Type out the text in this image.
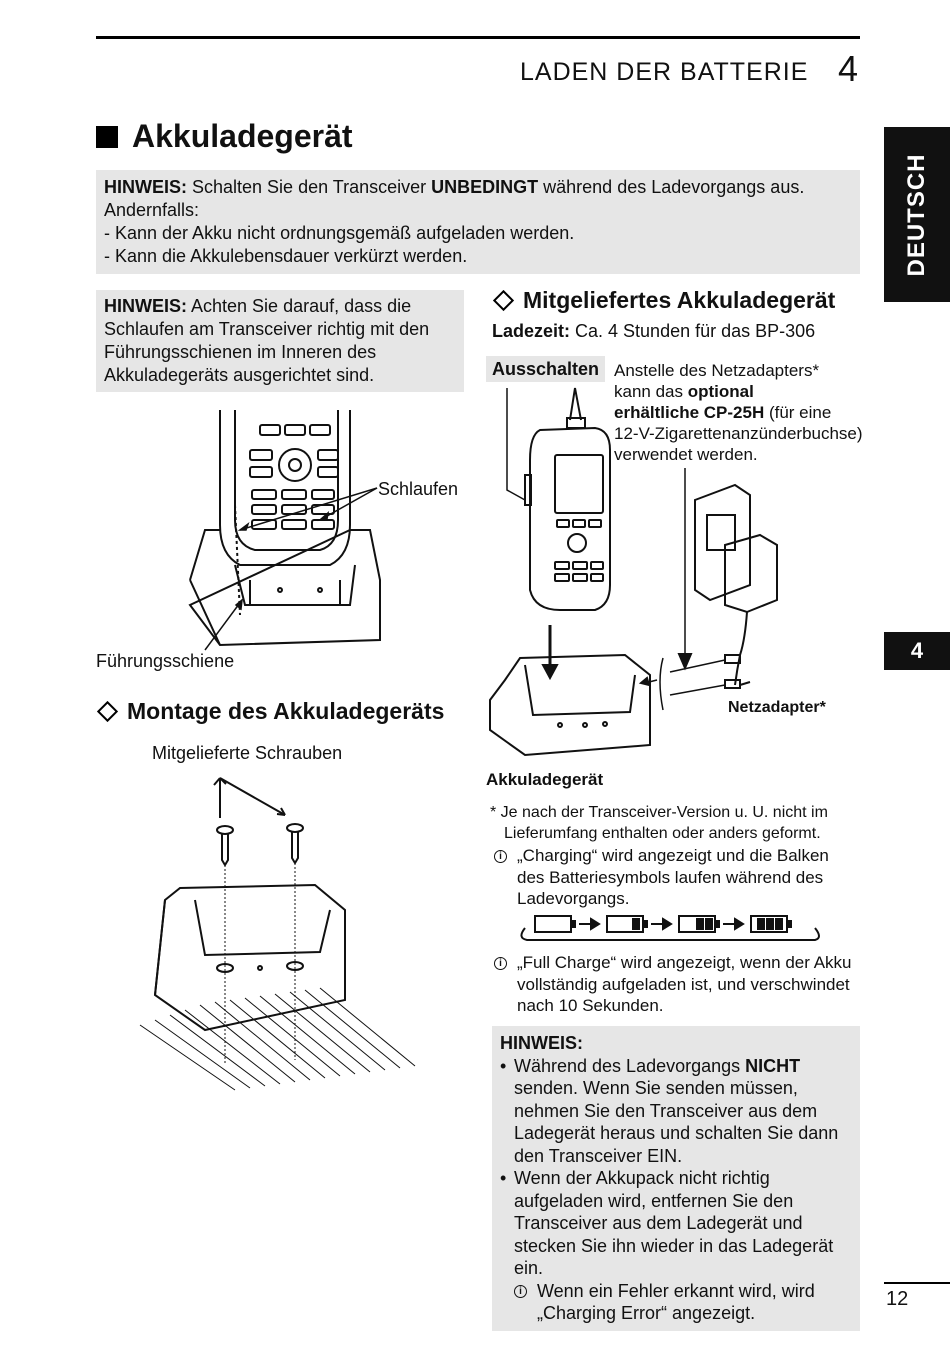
LADEN DER BATTERIE 4
DEUTSCH
4
Akkuladegerät
HINWEIS: Schalten Sie den Transceiver UNBEDINGT während des Ladevorgangs aus.
Andernfalls:
- Kann der Akku nicht ordnungsgemäß aufgeladen werden.
- Kann die Akkulebensdauer verkürzt werden.
HINWEIS: Achten Sie darauf, dass die Schlaufen am Transceiver richtig mit den Führungsschienen im Inneren des Akkuladegeräts ausgerichtet sind.
Schlaufen
Führungsschiene
Montage des Akkuladegeräts
Mitgelieferte Schrauben
Mitgeliefertes Akkuladegerät
Ladezeit: Ca. 4 Stunden für das BP-306
Ausschalten Anstelle des Netzadapters*
kann das optional
erhältliche CP-25H (für eine
12-V-Zigarettenanzünderbuchse)
verwendet werden.
Netzadapter*
Akkuladegerät
* Je nach der Transceiver-Version u. U. nicht im
Lieferumfang enthalten oder anders geformt.
i „Charging“ wird angezeigt und die Balken des Batteriesymbols laufen während des Ladevorgangs.
i „Full Charge“ wird angezeigt, wenn der Akku vollständig aufgeladen ist, und verschwindet nach 10 Sekunden.
HINWEIS:
• Während des Ladevorgangs NICHT senden. Wenn Sie senden müssen, nehmen Sie den Transceiver aus dem Ladegerät heraus und schalten Sie dann den Transceiver EIN.
• Wenn der Akkupack nicht richtig aufgeladen wird, entfernen Sie den Transceiver aus dem Ladegerät und stecken Sie ihn wieder in das Ladegerät ein.
i Wenn ein Fehler erkannt wird, wird „Charging Error“ angezeigt.
12
